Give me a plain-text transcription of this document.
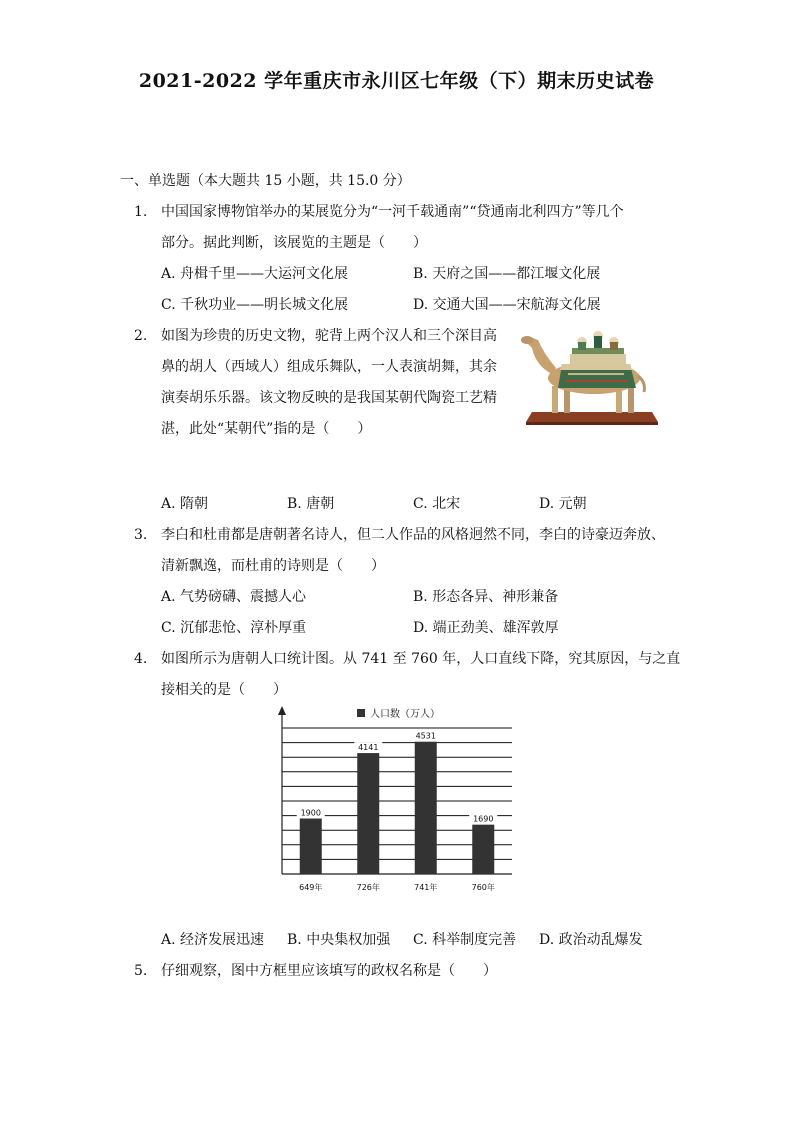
2021-2022 学年重庆市永川区七年级（下）期末历史试卷
一、单选题（本大题共 15 小题，共 15.0 分）
1. 中国国家博物馆举办的某展览分为“一河千载通南”“贷通南北利四方”等几个
部分。据此判断，该展览的主题是（　　）
A. 舟楫千里——大运河文化展	B. 天府之国——都江堰文化展
C. 千秋功业——明长城文化展	D. 交通大国——宋航海文化展
2. 如图为珍贵的历史文物，驼背上两个汉人和三个深目高
鼻的胡人（西域人）组成乐舞队，一人表演胡舞，其余
演奏胡乐乐器。该文物反映的是我国某朝代陶瓷工艺精
湛，此处“某朝代”指的是（　　）
A. 隋朝	B. 唐朝	C. 北宋	D. 元朝
3. 李白和杜甫都是唐朝著名诗人，但二人作品的风格迥然不同，李白的诗豪迈奔放、
清新飘逸，而杜甫的诗则是（　　）
A. 气势磅礴、震撼人心	B. 形态各异、神形兼备
C. 沉郁悲怆、淳朴厚重	D. 端正劲美、雄浑敦厚
4. 如图所示为唐朝人口统计图。从 741 至 760 年，人口直线下降，究其原因，与之直
接相关的是（　　）
人口数（万人）
1900
649年
4141
726年
4531
741年
1690
760年
A. 经济发展迅速 B. 中央集权加强 C. 科举制度完善 D. 政治动乱爆发
5. 仔细观察，图中方框里应该填写的政权名称是（　　）
